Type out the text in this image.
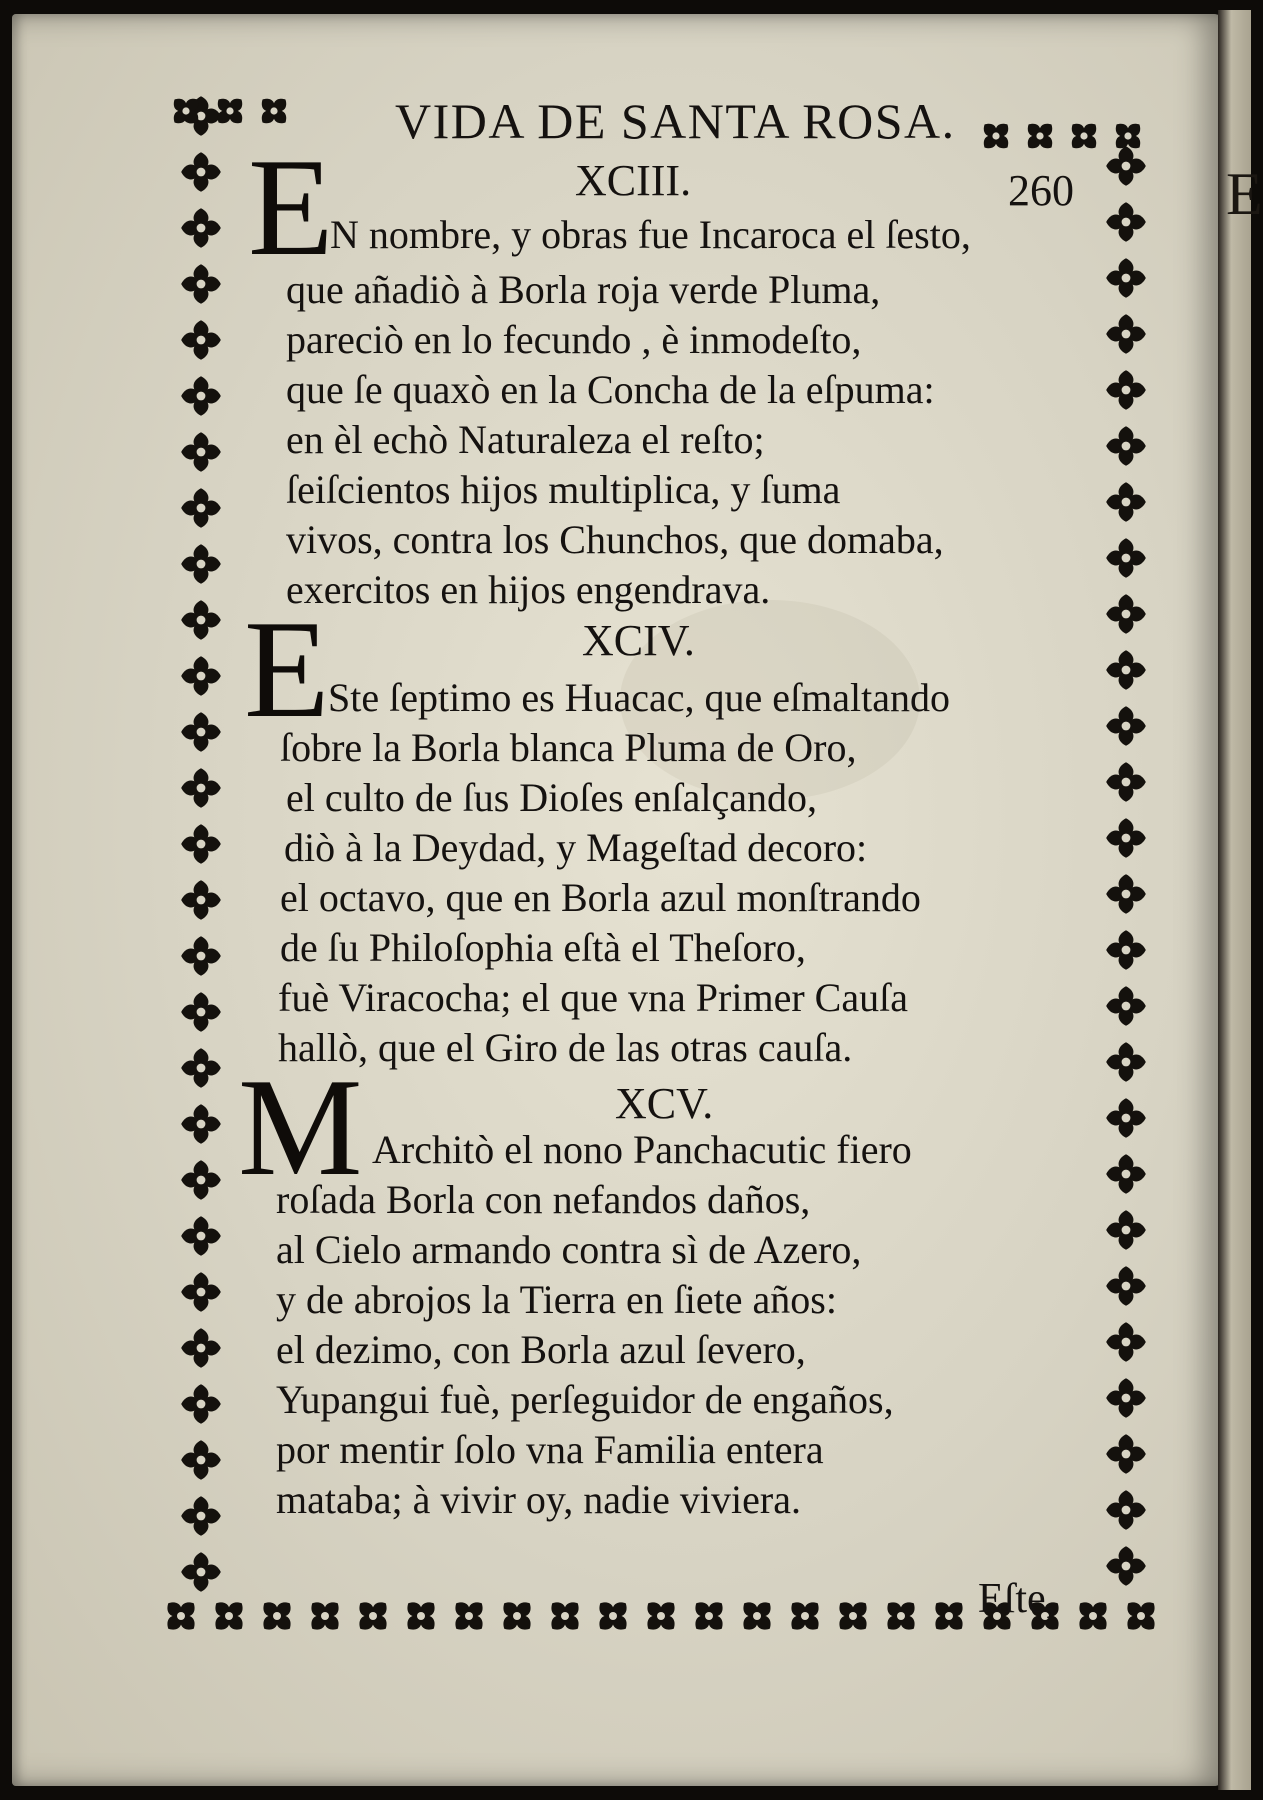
E
VIDA DE SANTA ROSA.
260
XCIII.
E
N nombre, y obras fue Incaroca el ſesto,
que añadiò à Borla roja verde Pluma,
pareciò en lo fecundo , è inmodeſto,
que ſe quaxò en la Concha de la eſpuma:
en èl echò Naturaleza el reſto;
ſeiſcientos hijos multiplica, y ſuma
vivos, contra los Chunchos, que domaba,
exercitos en hijos engendrava.
XCIV.
E
Ste ſeptimo es Huacac, que eſmaltando
ſobre la Borla blanca Pluma de Oro,
el culto de ſus Dioſes enſalçando,
diò à la Deydad, y Mageſtad decoro:
el octavo, que en Borla azul monſtrando
de ſu Philoſophia eſtà el Theſoro,
fuè Viracocha; el que vna Primer Cauſa
hallò, que el Giro de las otras cauſa.
XCV.
M Architò el nono Panchacutic fiero
roſada Borla con nefandos daños,
al Cielo armando contra sì de Azero,
y de abrojos la Tierra en ſiete años:
el dezimo, con Borla azul ſevero,
Yupangui fuè, perſeguidor de engaños,
por mentir ſolo vna Familia entera
mataba; à vivir oy, nadie viviera.
Eſte,
